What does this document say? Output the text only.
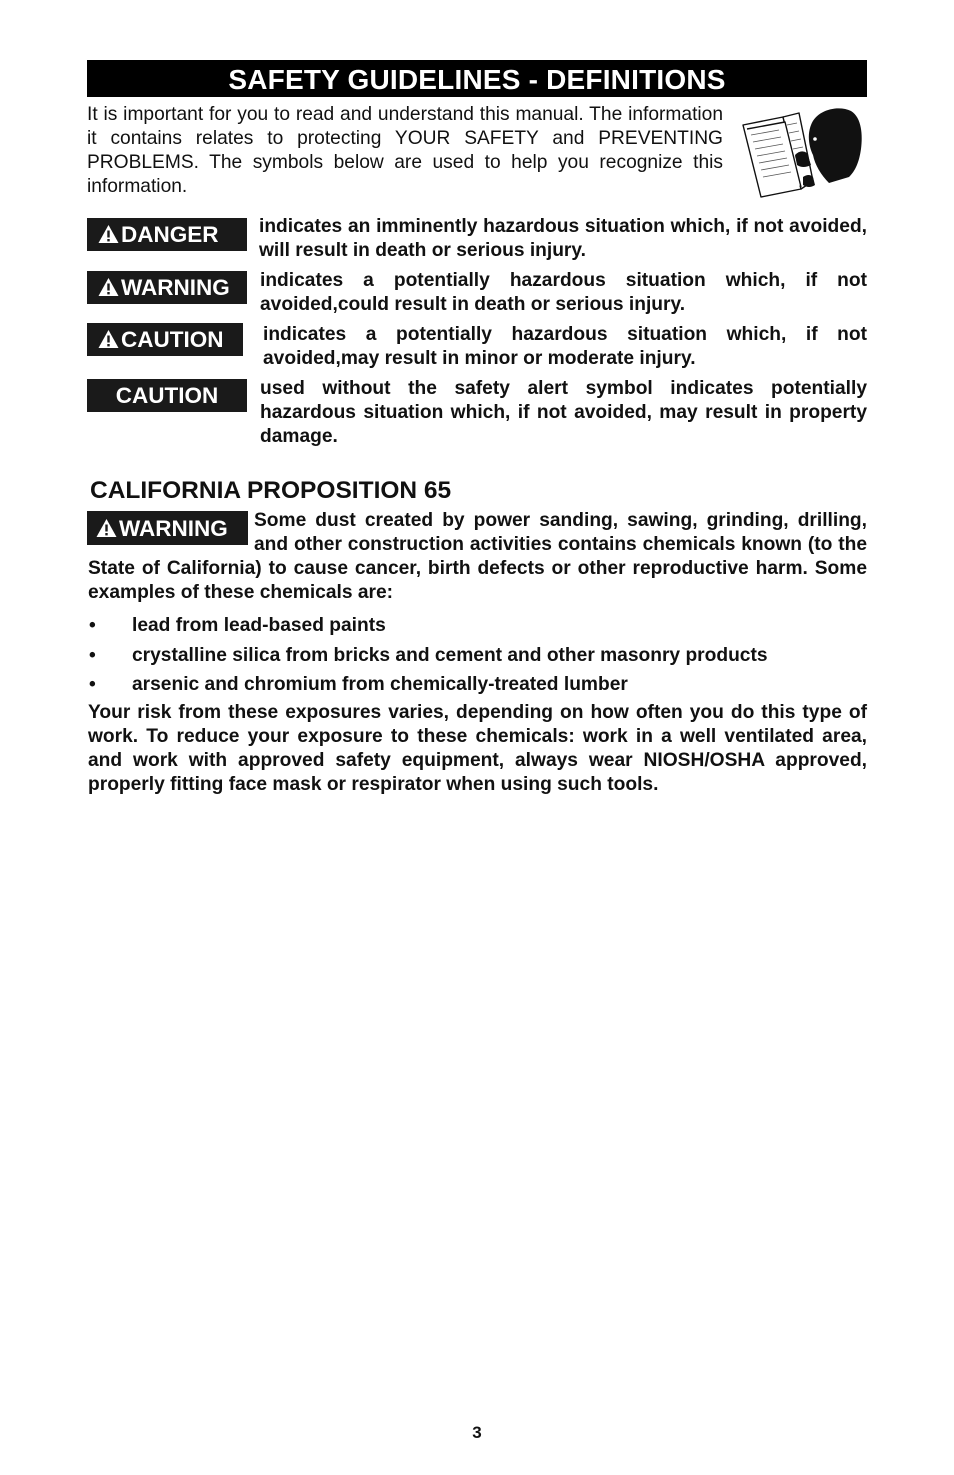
SAFETY GUIDELINES - DEFINITIONS
It is important for you to read and understand this manual. The information it contains relates to protecting YOUR SAFETY and PREVENTING PROBLEMS. The symbols below are used to help you recognize this information.
DANGER	indicates an imminently hazardous situation which, if not avoided, will result in death or serious injury.
WARNING	indicates a potentially hazardous situation which, if not avoided,could result in death or serious injury.
CAUTION	indicates a potentially hazardous situation which, if not avoided,may result in minor or moderate injury.
CAUTION	used without the safety alert symbol indicates potentially hazardous situation which, if not avoided, may result in property damage.
CALIFORNIA PROPOSITION 65
WARNING	Some dust created by power sanding, sawing, grinding, drilling, and other construction activities contains chemicals known (to the State of California) to cause cancer, birth defects or other reproductive harm. Some examples of these chemicals are:
• lead from lead-based paints
• crystalline silica from bricks and cement and other masonry products
• arsenic and chromium from chemically-treated lumber
Your risk from these exposures varies, depending on how often you do this type of work. To reduce your exposure to these chemicals: work in a well ventilated area, and work with approved safety equipment, always wear NIOSH/OSHA approved, properly fitting face mask or respirator when using such tools.
3
